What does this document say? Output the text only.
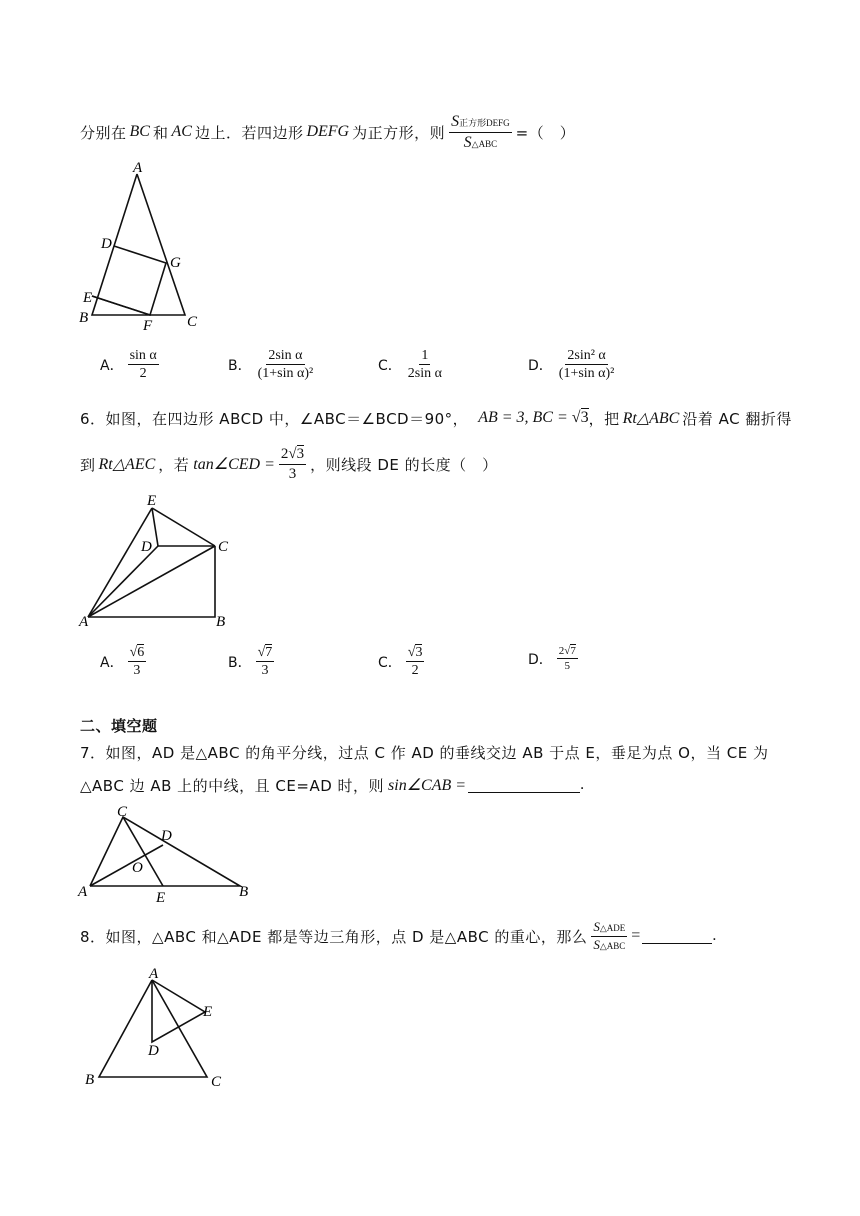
分别在 BC 和 AC 边上．若四边形 DEFG 为正方形，则 $\frac{\text{S正方形DEFG}}{\text{S△ABC}}$ =（　）
A
D
G
E
B	F C
A． $\frac{\text{sin α}}{2}$	B． $\frac{\text{2sin α}}{\text{(1+sin α)²}}$	C． $\frac{1}{\text{2sin α}}$	D． $\frac{\text{2sin² α}}{\text{(1+sin α)²}}$
6．如图，在四边形 ABCD 中，∠ABC＝∠BCD＝90°， AB = 3, BC = √3 ，把 Rt△ABC 沿着 AC 翻折得
到 Rt△AEC ，若 tan∠CED = $\frac{2√3}{3}$ ，则线段 DE 的长度（　）
E
D	C
A	B
A． $\frac{√6}{3}$	B． $\frac{√7}{3}$	C． $\frac{√3}{2}$	D． $\frac{2√7}{5}$
二、填空题
7．如图，AD 是△ABC 的角平分线，过点 C 作 AD 的垂线交边 AB 于点 E，垂足为点 O，当 CE 为
△ABC 边 AB 上的中线，且 CE=AD 时，则 sin∠CAB =	.
C
D
O
A	E	B
8．如图，△ABC 和△ADE 都是等边三角形，点 D 是△ABC 的重心，那么 $\frac{\text{S△ADE}}{\text{S△ABC}}$ =	.
A
E
D
B	C
